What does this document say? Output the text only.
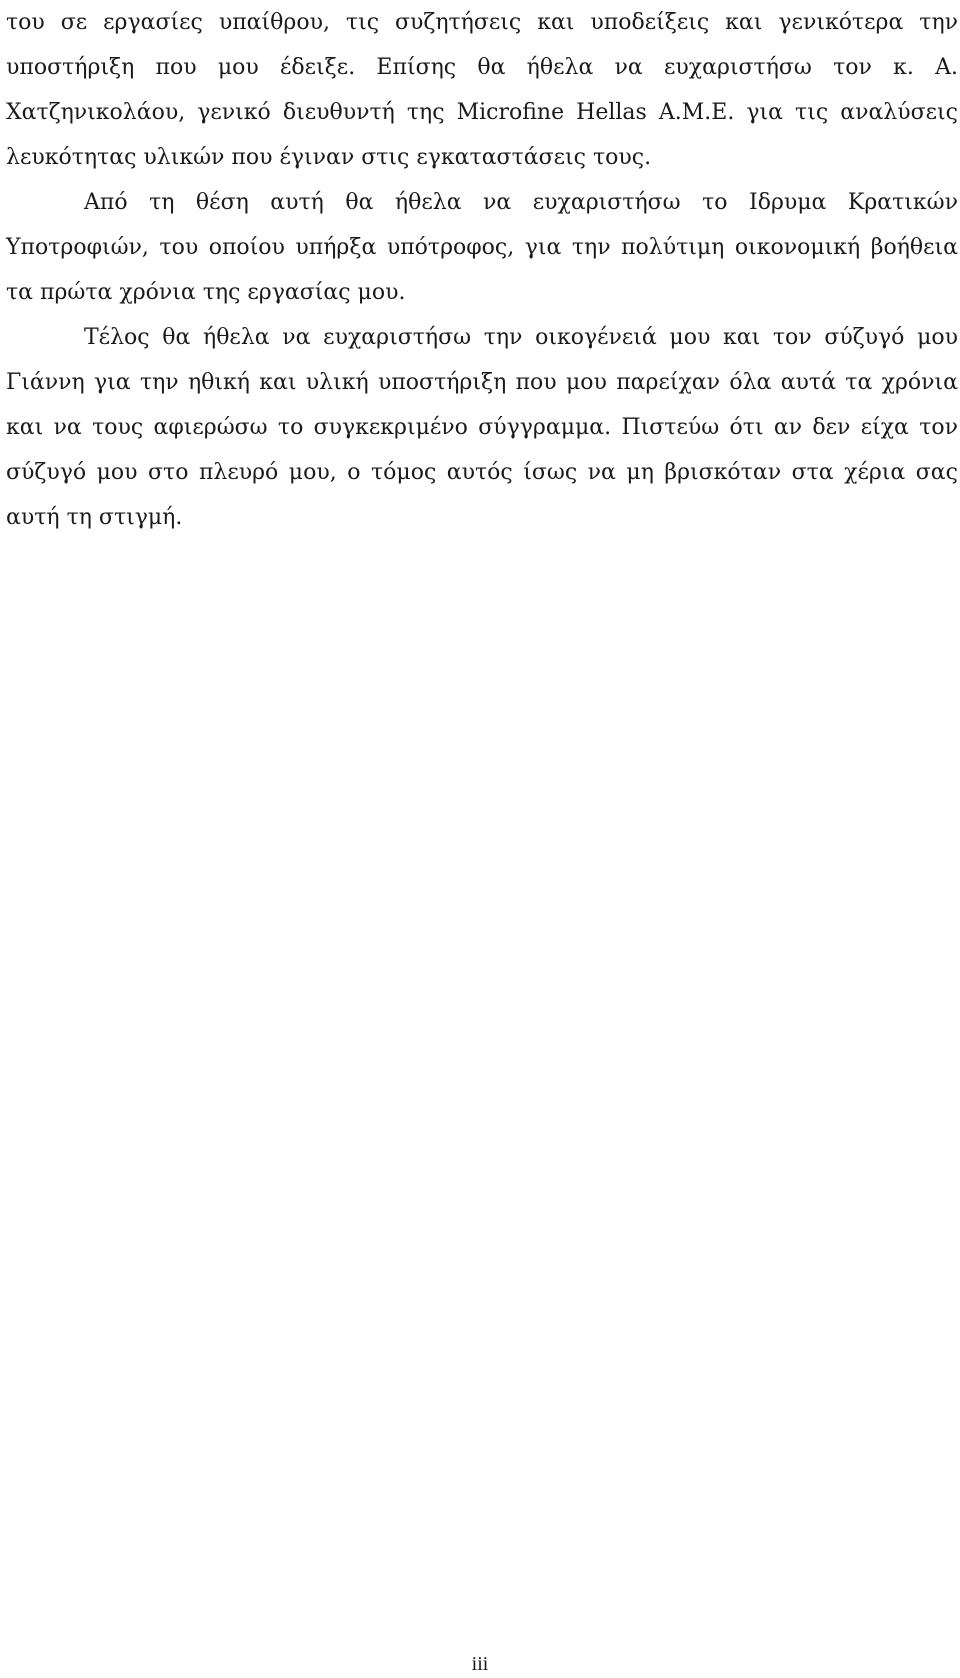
του σε εργασίες υπαίθρου, τις συζητήσεις και υποδείξεις και γενικότερα την υποστήριξη που μου έδειξε. Επίσης θα ήθελα να ευχαριστήσω τον κ. Α. Χατζηνικολάου, γενικό διευθυντή της Microfine Hellas A.M.E. για τις αναλύσεις λευκότητας υλικών που έγιναν στις εγκαταστάσεις τους.

Από τη θέση αυτή θα ήθελα να ευχαριστήσω το Ιδρυμα Κρατικών Υποτροφιών, του οποίου υπήρξα υπότροφος, για την πολύτιμη οικονομική βοήθεια τα πρώτα χρόνια της εργασίας μου.

Τέλος θα ήθελα να ευχαριστήσω την οικογένειά μου και τον σύζυγό μου Γιάννη για την ηθική και υλική υποστήριξη που μου παρείχαν όλα αυτά τα χρόνια και να τους αφιερώσω το συγκεκριμένο σύγγραμμα. Πιστεύω ότι αν δεν είχα τον σύζυγό μου στο πλευρό μου, ο τόμος αυτός ίσως να μη βρισκόταν στα χέρια σας αυτή τη στιγμή.

iii
